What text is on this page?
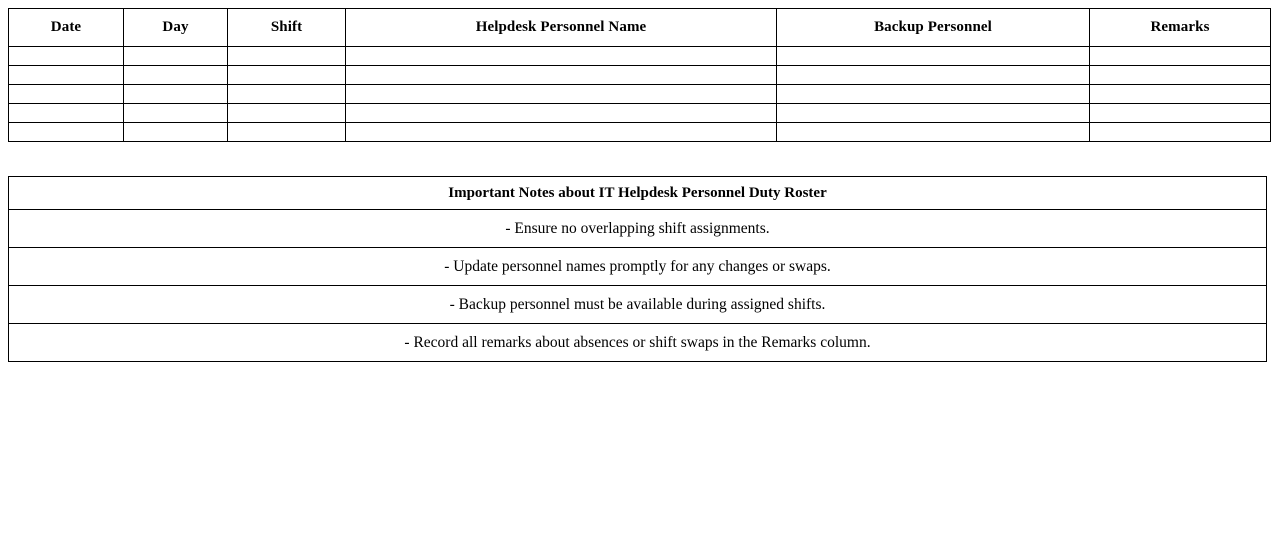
Date	Day	Shift	Helpdesk Personnel Name	Backup Personnel	Remarks

Important Notes about IT Helpdesk Personnel Duty Roster
- Ensure no overlapping shift assignments.
- Update personnel names promptly for any changes or swaps.
- Backup personnel must be available during assigned shifts.
- Record all remarks about absences or shift swaps in the Remarks column.
